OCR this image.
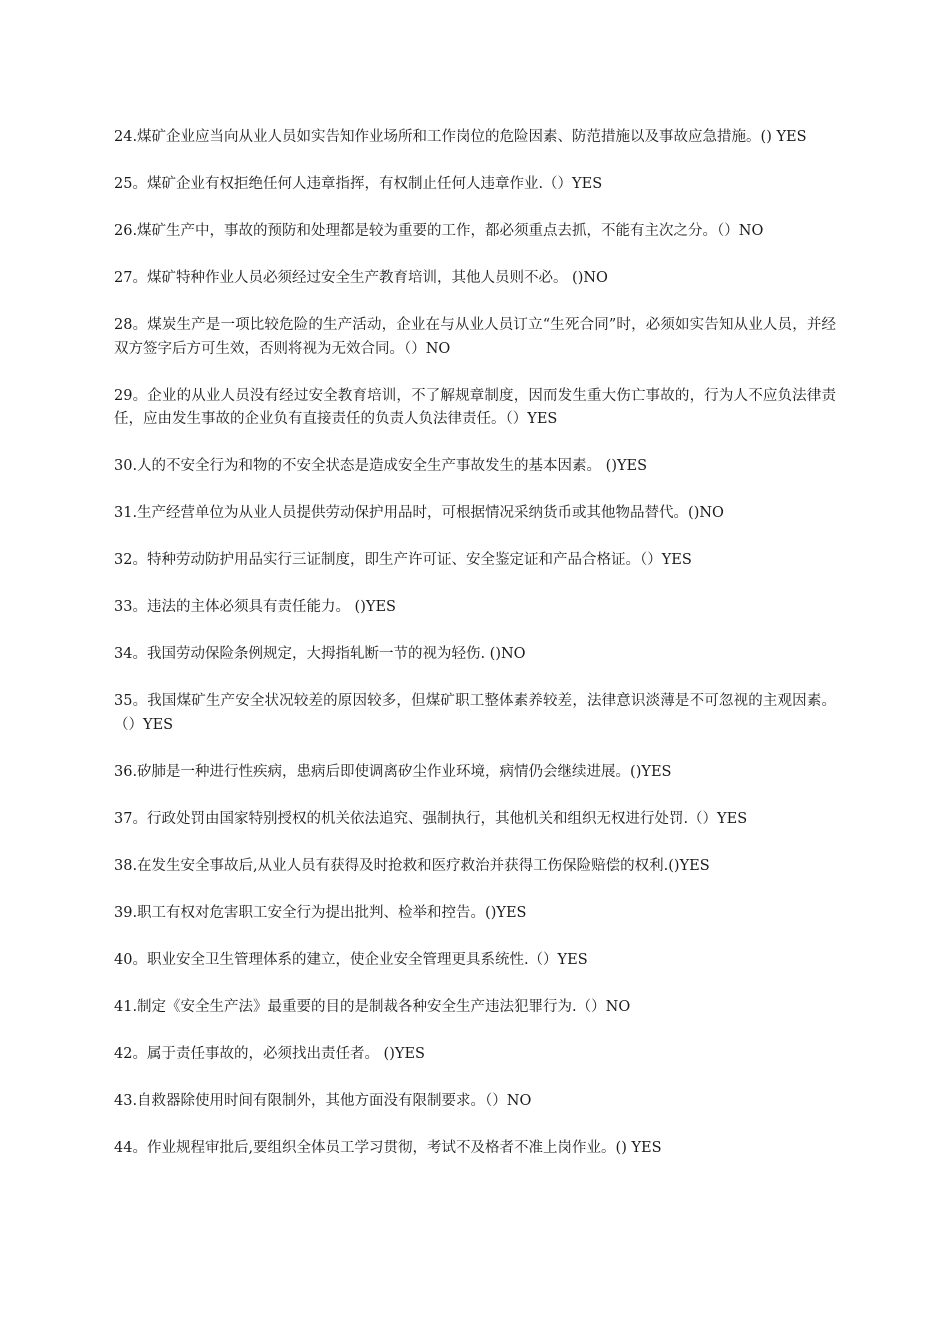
24.煤矿企业应当向从业人员如实告知作业场所和工作岗位的危险因素、防范措施以及事故应急措施。() YES

25。煤矿企业有权拒绝任何人违章指挥，有权制止任何人违章作业.（）YES

26.煤矿生产中，事故的预防和处理都是较为重要的工作，都必须重点去抓，不能有主次之分。（）NO

27。煤矿特种作业人员必须经过安全生产教育培训，其他人员则不必。 ()NO

28。煤炭生产是一项比较危险的生产活动，企业在与从业人员订立“生死合同”时，必须如实告知从业人员，并经双方签字后方可生效，否则将视为无效合同。（）NO

29。企业的从业人员没有经过安全教育培训，不了解规章制度，因而发生重大伤亡事故的，行为人不应负法律责任，应由发生事故的企业负有直接责任的负责人负法律责任。（）YES

30.人的不安全行为和物的不安全状态是造成安全生产事故发生的基本因素。 ()YES

31.生产经营单位为从业人员提供劳动保护用品时，可根据情况采纳货币或其他物品替代。()NO

32。特种劳动防护用品实行三证制度，即生产许可证、安全鉴定证和产品合格证。（）YES

33。违法的主体必须具有责任能力。 ()YES

34。我国劳动保险条例规定，大拇指轧断一节的视为轻伤. ()NO

35。我国煤矿生产安全状况较差的原因较多，但煤矿职工整体素养较差，法律意识淡薄是不可忽视的主观因素。（）YES

36.矽肺是一种进行性疾病，患病后即使调离矽尘作业环境，病情仍会继续进展。()YES

37。行政处罚由国家特别授权的机关依法追究、强制执行，其他机关和组织无权进行处罚.（）YES

38.在发生安全事故后,从业人员有获得及时抢救和医疗救治并获得工伤保险赔偿的权利.()YES

39.职工有权对危害职工安全行为提出批判、检举和控告。()YES

40。职业安全卫生管理体系的建立，使企业安全管理更具系统性.（）YES

41.制定《安全生产法》最重要的目的是制裁各种安全生产违法犯罪行为.（）NO

42。属于责任事故的，必须找出责任者。 ()YES

43.自救器除使用时间有限制外，其他方面没有限制要求。（）NO

44。作业规程审批后,要组织全体员工学习贯彻，考试不及格者不准上岗作业。() YES
